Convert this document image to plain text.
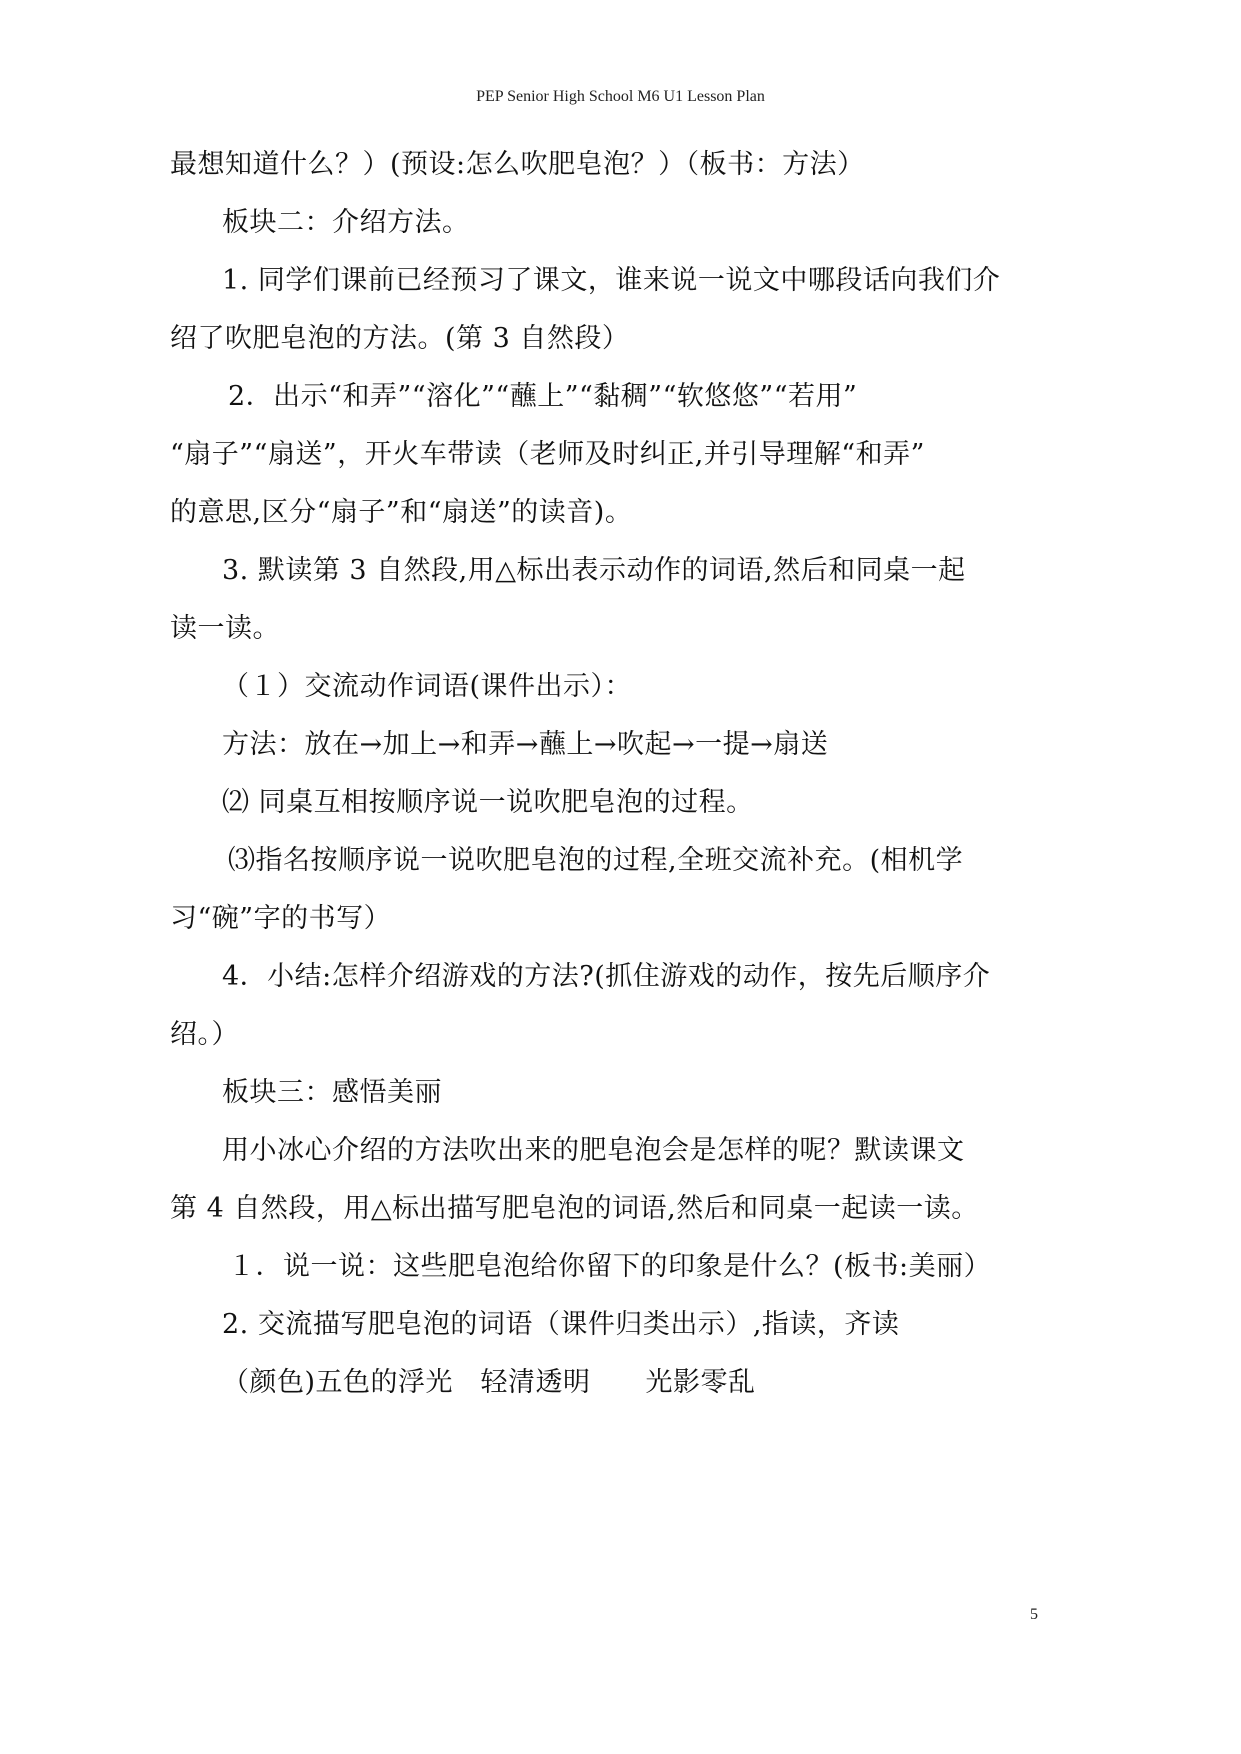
PEP Senior High School M6 U1 Lesson Plan
最想知道什么？）(预设:怎么吹肥皂泡？）（板书：方法）
板块二：介绍方法。
1. 同学们课前已经预习了课文，谁来说一说文中哪段话向我们介
绍了吹肥皂泡的方法。(第 3 自然段）
2．出示“和弄”“溶化”“蘸上”“黏稠”“软悠悠”“若用”
“扇子”“扇送”，开火车带读（老师及时纠正,并引导理解“和弄”
的意思,区分“扇子”和“扇送”的读音)。
3. 默读第 3 自然段,用△标出表示动作的词语,然后和同桌一起
读一读。
（１）交流动作词语(课件出示）：
方法：放在→加上→和弄→蘸上→吹起→一提→扇送
⑵ 同桌互相按顺序说一说吹肥皂泡的过程。
⑶指名按顺序说一说吹肥皂泡的过程,全班交流补充。(相机学
习“碗”字的书写）
4．小结:怎样介绍游戏的方法?(抓住游戏的动作，按先后顺序介
绍。）
板块三：感悟美丽
用小冰心介绍的方法吹出来的肥皂泡会是怎样的呢？默读课文
第 4 自然段，用△标出描写肥皂泡的词语,然后和同桌一起读一读。
１．说一说：这些肥皂泡给你留下的印象是什么？(板书:美丽）
2. 交流描写肥皂泡的词语（课件归类出示）,指读，齐读
（颜色)五色的浮光　轻清透明　　光影零乱
5
